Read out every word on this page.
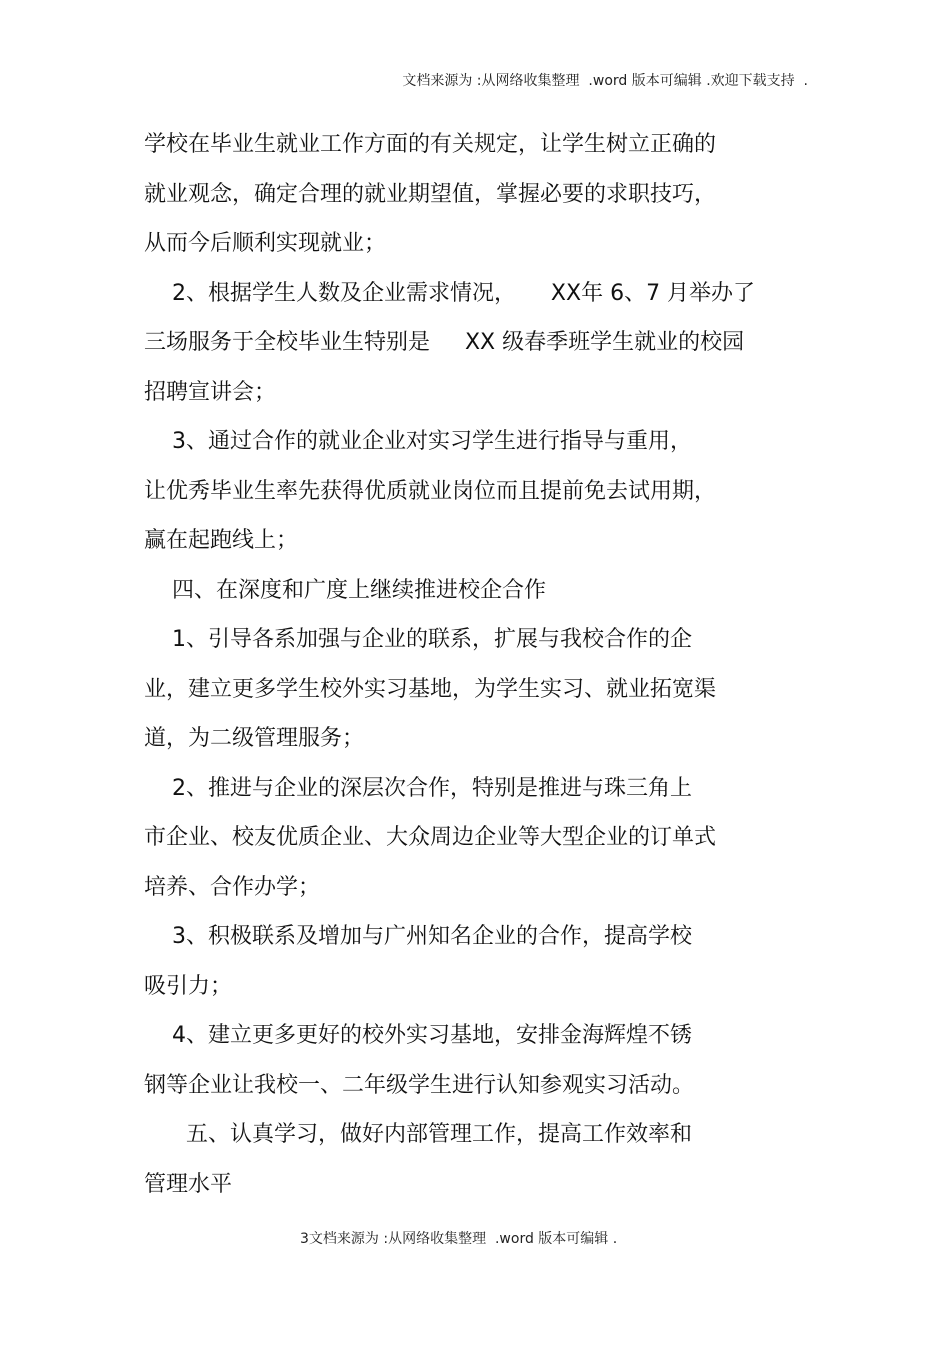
文档来源为 :从网络收集整理  .word 版本可编辑 .欢迎下载支持  .
学校在毕业生就业工作方面的有关规定，让学生树立正确的
就业观念，确定合理的就业期望值，掌握必要的求职技巧，
从而今后顺利实现就业；
2、根据学生人数及企业需求情况，     XX年 6、7 月举办了
三场服务于全校毕业生特别是     XX 级春季班学生就业的校园
招聘宣讲会；
3、通过合作的就业企业对实习学生进行指导与重用，
让优秀毕业生率先获得优质就业岗位而且提前免去试用期，
赢在起跑线上；
四、在深度和广度上继续推进校企合作
1、引导各系加强与企业的联系，扩展与我校合作的企
业，建立更多学生校外实习基地，为学生实习、就业拓宽渠
道，为二级管理服务；
2、推进与企业的深层次合作，特别是推进与珠三角上
市企业、校友优质企业、大众周边企业等大型企业的订单式
培养、合作办学；
3、积极联系及增加与广州知名企业的合作，提高学校
吸引力；
4、建立更多更好的校外实习基地，安排金海辉煌不锈
钢等企业让我校一、二年级学生进行认知参观实习活动。
五、认真学习，做好内部管理工作，提高工作效率和
管理水平
3文档来源为 :从网络收集整理  .word 版本可编辑 .
